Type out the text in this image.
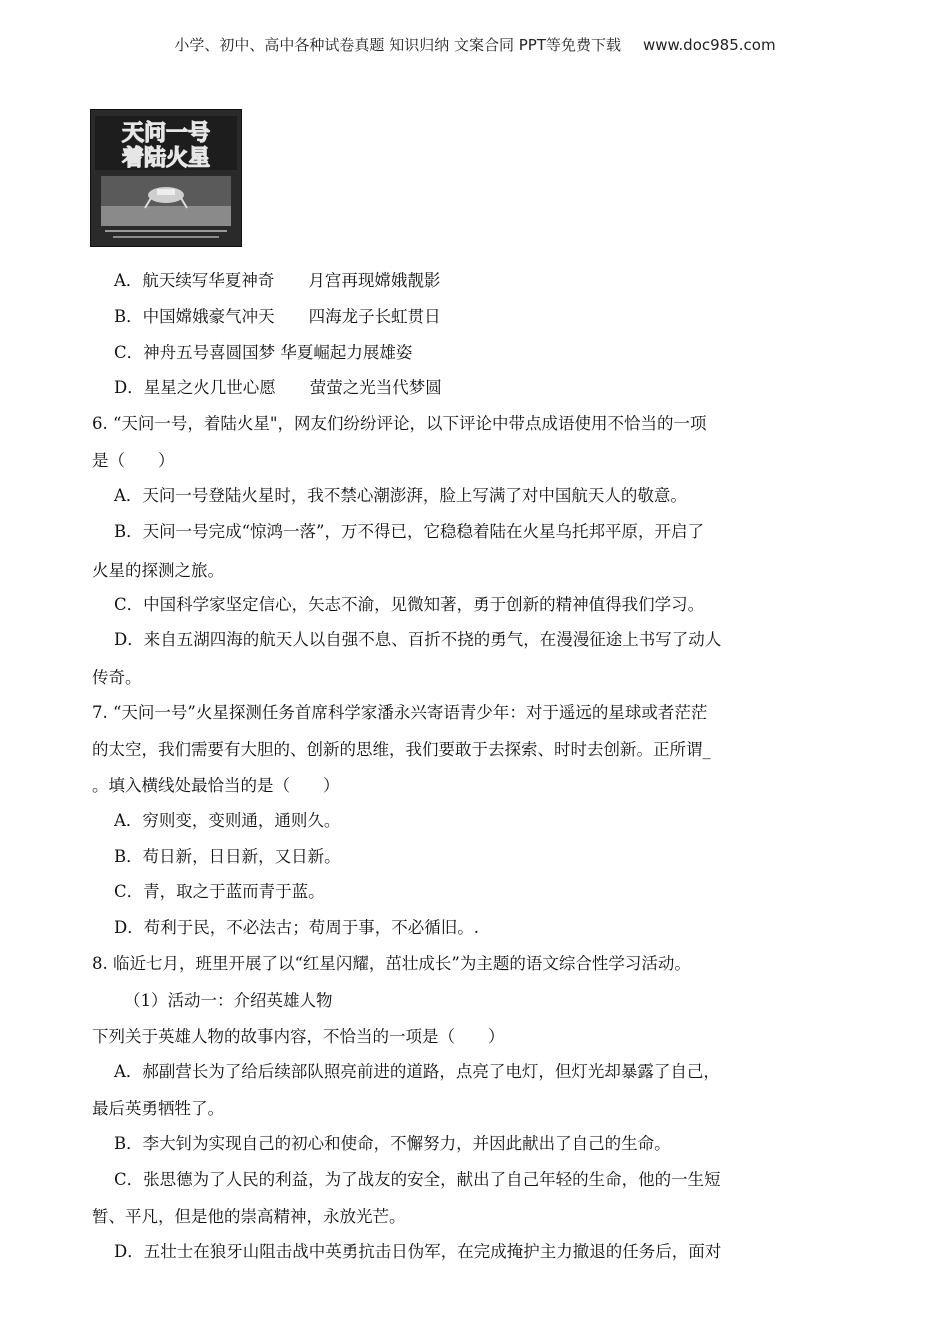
小学、初中、高中各种试卷真题 知识归纳 文案合同 PPT等免费下载 www.doc985.com
天问一号
着陆火星
A．航天续写华夏神奇 月宫再现嫦娥靓影
B．中国嫦娥豪气冲天 四海龙子长虹贯日
C．神舟五号喜圆国梦 华夏崛起力展雄姿
D．星星之火几世心愿 萤萤之光当代梦圆
6. “天问一号，着陆火星"，网友们纷纷评论，以下评论中带点成语使用不恰当的一项
是（　　）
A．天问一号登陆火星时，我不禁心潮澎湃，脸上写满了对中国航天人的敬意。
B．天问一号完成“惊鸿一落”，万不得已，它稳稳着陆在火星乌托邦平原，开启了
火星的探测之旅。
C．中国科学家坚定信心，矢志不渝，见微知著，勇于创新的精神值得我们学习。
D．来自五湖四海的航天人以自强不息、百折不挠的勇气，在漫漫征途上书写了动人
传奇。
7. “天问一号”火星探测任务首席科学家潘永兴寄语青少年：对于遥远的星球或者茫茫
的太空，我们需要有大胆的、创新的思维，我们要敢于去探索、时时去创新。正所谓_
。填入横线处最恰当的是（　　）
A．穷则变，变则通，通则久。
B．苟日新，日日新，又日新。
C．青，取之于蓝而青于蓝。
D．苟利于民，不必法古；苟周于事，不必循旧。.
8. 临近七月，班里开展了以“红星闪耀，茁壮成长”为主题的语文综合性学习活动。
（1）活动一：介绍英雄人物
下列关于英雄人物的故事内容，不恰当的一项是（　　）
A．郝副营长为了给后续部队照亮前进的道路，点亮了电灯，但灯光却暴露了自己，
最后英勇牺牲了。
B．李大钊为实现自己的初心和使命，不懈努力，并因此献出了自己的生命。
C．张思德为了人民的利益，为了战友的安全，献出了自己年轻的生命，他的一生短
暂、平凡，但是他的崇高精神，永放光芒。
D．五壮士在狼牙山阻击战中英勇抗击日伪军，在完成掩护主力撤退的任务后，面对
